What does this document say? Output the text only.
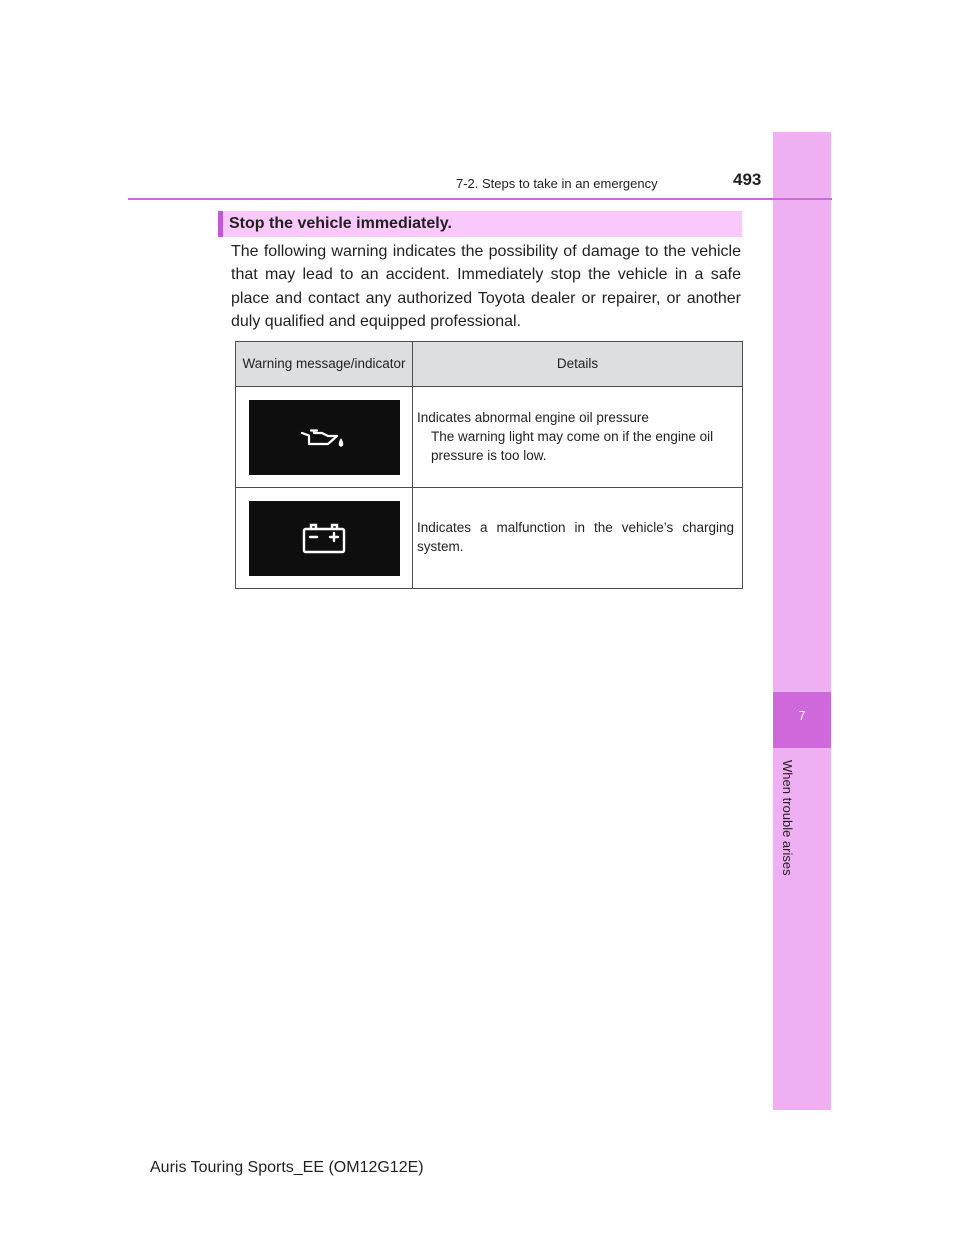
7
When trouble arises
7-2. Steps to take in an emergency	493
Stop the vehicle immediately.
The following warning indicates the possibility of damage to the vehicle that may lead to an accident. Immediately stop the vehicle in a safe place and contact any authorized Toyota dealer or repairer, or another duly qualified and equipped professional.
Warning message/indicator	Details

Indicates abnormal engine oil pressure
The warning light may come on if the engine oil pressure is too low.

Indicates a malfunction in the vehicle’s charging system.
Auris Touring Sports_EE (OM12G12E)
